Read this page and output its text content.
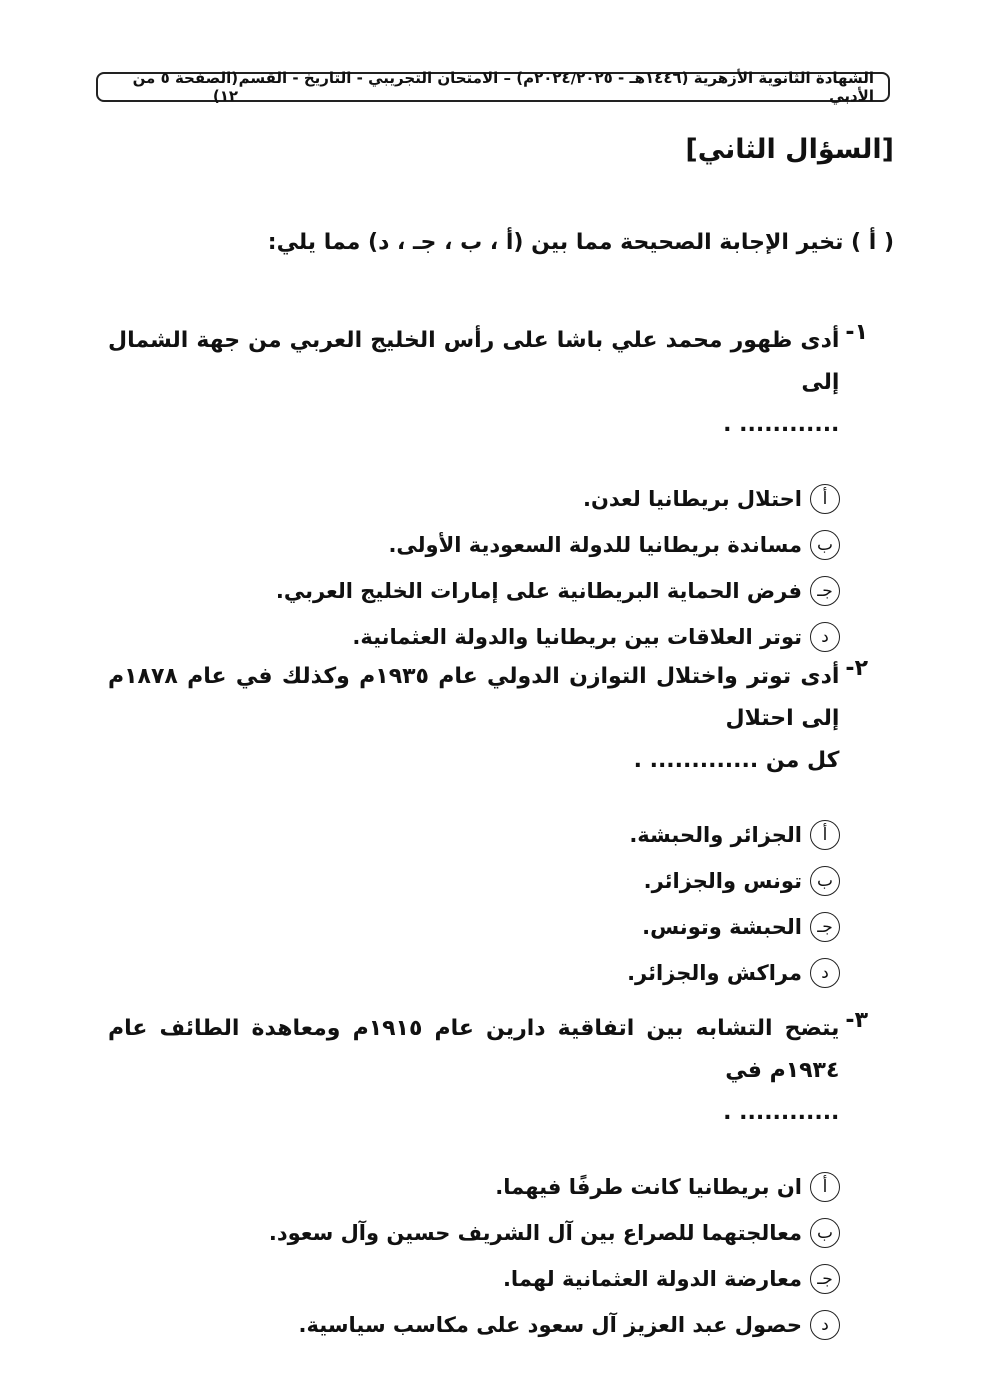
الشهادة الثانوية الأزهرية (١٤٤٦هـ - ٢٠٢٤/٢٠٢٥م) – الامتحان التجريبي - التاريخ - القسم الأدبي
(الصفحة ٥ من ١٢)
[السؤال الثاني]
( أ ) تخير الإجابة الصحيحة مما بين (أ ، ب ، جـ ، د) مما يلي:
١-
أدى ظهور محمد علي باشا على رأس الخليج العربي من جهة الشمال إلى
............ .
أ
احتلال بريطانيا لعدن.
ب
مساندة بريطانيا للدولة السعودية الأولى.
جـ
فرض الحماية البريطانية على إمارات الخليج العربي.
د
توتر العلاقات بين بريطانيا والدولة العثمانية.
٢-
أدى توتر واختلال التوازن الدولي عام ١٩٣٥م وكذلك في عام ١٨٧٨م إلى احتلال
كل من ............. .
أ
الجزائر والحبشة.
ب
تونس والجزائر.
جـ
الحبشة وتونس.
د
مراكش والجزائر.
٣-
يتضح التشابه بين اتفاقية دارين عام ١٩١٥م ومعاهدة الطائف عام ١٩٣٤م في
............ .
أ
ان بريطانيا كانت طرفًا فيهما.
ب
معالجتهما للصراع بين آل الشريف حسين وآل سعود.
جـ
معارضة الدولة العثمانية لهما.
د
حصول عبد العزيز آل سعود على مكاسب سياسية.
